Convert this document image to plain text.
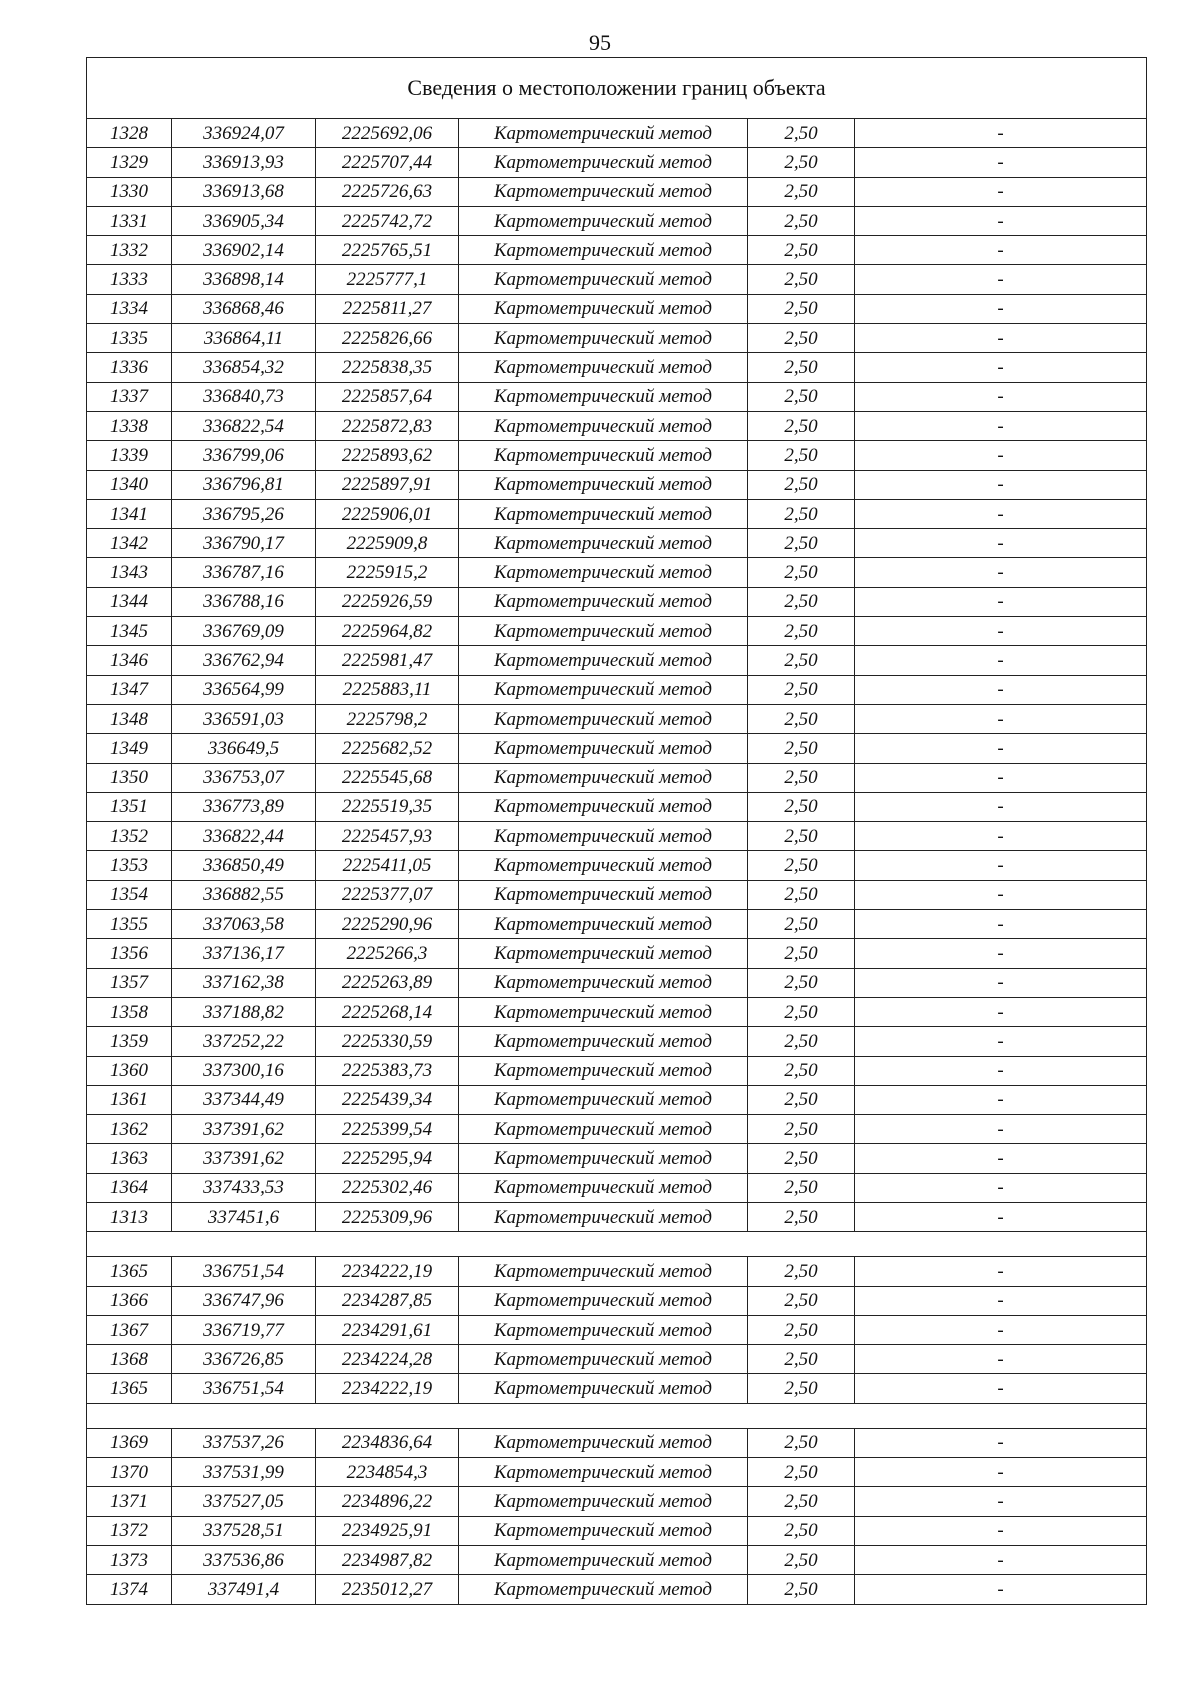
95
Сведения о местоположении границ объекта					
1328	336924,07	2225692,06	Картометрический метод	2,50	-
1329	336913,93	2225707,44	Картометрический метод	2,50	-
1330	336913,68	2225726,63	Картометрический метод	2,50	-
1331	336905,34	2225742,72	Картометрический метод	2,50	-
1332	336902,14	2225765,51	Картометрический метод	2,50	-
1333	336898,14	2225777,1	Картометрический метод	2,50	-
1334	336868,46	2225811,27	Картометрический метод	2,50	-
1335	336864,11	2225826,66	Картометрический метод	2,50	-
1336	336854,32	2225838,35	Картометрический метод	2,50	-
1337	336840,73	2225857,64	Картометрический метод	2,50	-
1338	336822,54	2225872,83	Картометрический метод	2,50	-
1339	336799,06	2225893,62	Картометрический метод	2,50	-
1340	336796,81	2225897,91	Картометрический метод	2,50	-
1341	336795,26	2225906,01	Картометрический метод	2,50	-
1342	336790,17	2225909,8	Картометрический метод	2,50	-
1343	336787,16	2225915,2	Картометрический метод	2,50	-
1344	336788,16	2225926,59	Картометрический метод	2,50	-
1345	336769,09	2225964,82	Картометрический метод	2,50	-
1346	336762,94	2225981,47	Картометрический метод	2,50	-
1347	336564,99	2225883,11	Картометрический метод	2,50	-
1348	336591,03	2225798,2	Картометрический метод	2,50	-
1349	336649,5	2225682,52	Картометрический метод	2,50	-
1350	336753,07	2225545,68	Картометрический метод	2,50	-
1351	336773,89	2225519,35	Картометрический метод	2,50	-
1352	336822,44	2225457,93	Картометрический метод	2,50	-
1353	336850,49	2225411,05	Картометрический метод	2,50	-
1354	336882,55	2225377,07	Картометрический метод	2,50	-
1355	337063,58	2225290,96	Картометрический метод	2,50	-
1356	337136,17	2225266,3	Картометрический метод	2,50	-
1357	337162,38	2225263,89	Картометрический метод	2,50	-
1358	337188,82	2225268,14	Картометрический метод	2,50	-
1359	337252,22	2225330,59	Картометрический метод	2,50	-
1360	337300,16	2225383,73	Картометрический метод	2,50	-
1361	337344,49	2225439,34	Картометрический метод	2,50	-
1362	337391,62	2225399,54	Картометрический метод	2,50	-
1363	337391,62	2225295,94	Картометрический метод	2,50	-
1364	337433,53	2225302,46	Картометрический метод	2,50	-
1313	337451,6	2225309,96	Картометрический метод	2,50	-

1365	336751,54	2234222,19	Картометрический метод	2,50	-
1366	336747,96	2234287,85	Картометрический метод	2,50	-
1367	336719,77	2234291,61	Картометрический метод	2,50	-
1368	336726,85	2234224,28	Картометрический метод	2,50	-
1365	336751,54	2234222,19	Картометрический метод	2,50	-

1369	337537,26	2234836,64	Картометрический метод	2,50	-
1370	337531,99	2234854,3	Картометрический метод	2,50	-
1371	337527,05	2234896,22	Картометрический метод	2,50	-
1372	337528,51	2234925,91	Картометрический метод	2,50	-
1373	337536,86	2234987,82	Картометрический метод	2,50	-
1374	337491,4	2235012,27	Картометрический метод	2,50	-
